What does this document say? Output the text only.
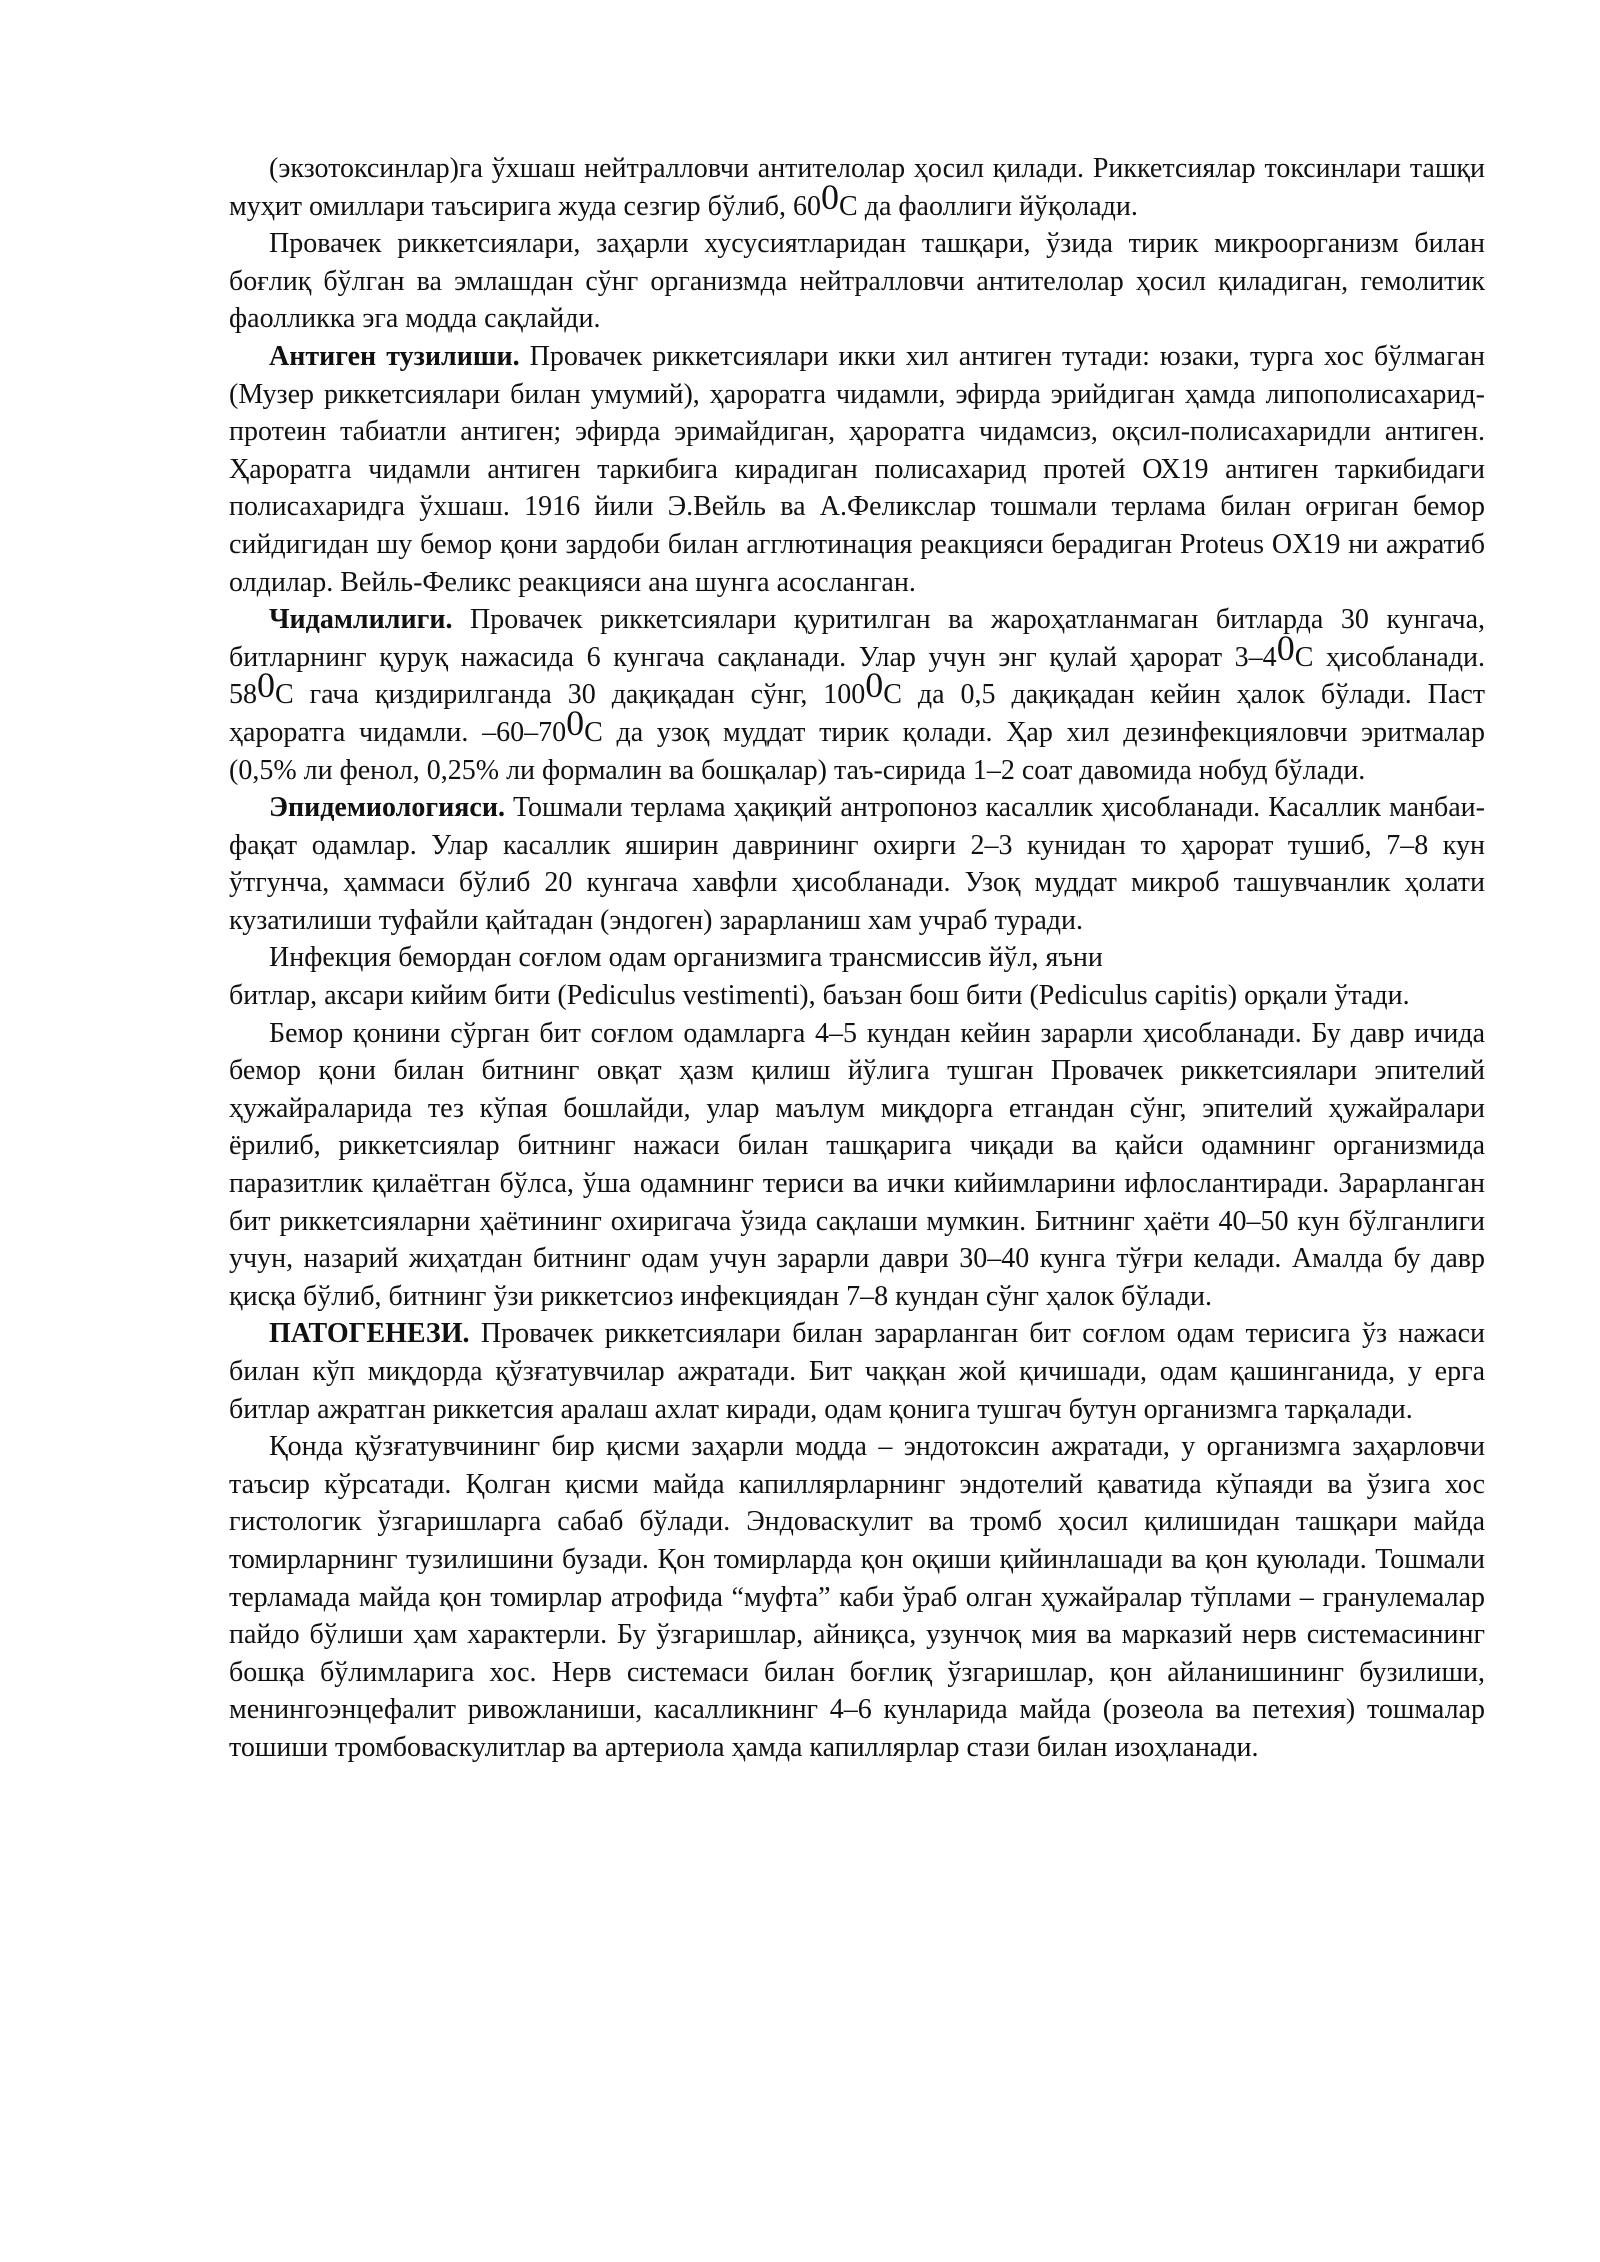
(экзотоксинлар)га ўхшаш нейтралловчи антителолар ҳосил қилади. Риккетсиялар токсинлари ташқи муҳит омиллари таъсирига жуда сезгир бўлиб, 600С да фаоллиги йўқолади.

Провачек риккетсиялари, заҳарли хусусиятларидан ташқари, ўзида тирик микроорганизм билан боғлиқ бўлган ва эмлашдан сўнг организмда нейтралловчи антителолар ҳосил қиладиган, гемолитик фаолликка эга модда сақлайди.

Антиген тузилиши. Провачек риккетсиялари икки хил антиген тутади: юзаки, турга хос бўлмаган (Музер риккетсиялари билан умумий), ҳароратга чидамли, эфирда эрийдиган ҳамда липополисахарид-протеин табиатли антиген; эфирда эримайдиган, ҳароратга чидамсиз, оқсил-полисахаридли антиген. Ҳароратга чидамли антиген таркибига кирадиган полисахарид протей ОХ19 антиген таркибидаги полисахаридга ўхшаш. 1916 йили Э.Вейль ва А.Феликслар тошмали терлама билан оғриган бемор сийдигидан шу бемор қони зардоби билан агглютинация реакцияси берадиган Proteus OX19 ни ажратиб олдилар. Вейль-Феликс реакцияси ана шунга асосланган.

Чидамлилиги. Провачек риккетсиялари қуритилган ва жароҳатланмаган битларда 30 кунгача, битларнинг қуруқ нажасида 6 кунгача сақланади. Улар учун энг қулай ҳарорат 3–40С ҳисобланади. 580С гача қиздирилганда 30 дақиқадан сўнг, 1000С да 0,5 дақиқадан кейин ҳалок бўлади. Паст ҳароратга чидамли. –60–700С да узоқ муддат тирик қолади. Ҳар хил дезинфекцияловчи эритмалар (0,5% ли фенол, 0,25% ли формалин ва бошқалар) таъ-сирида 1–2 соат давомида нобуд бўлади.

Эпидемиологияси. Тошмали терлама ҳақиқий антропоноз касаллик ҳисобланади. Касаллик манбаи-фақат одамлар. Улар касаллик яширин даврининг охирги 2–3 кунидан то ҳарорат тушиб, 7–8 кун ўтгунча, ҳаммаси бўлиб 20 кунгача хавфли ҳисобланади. Узоқ муддат микроб ташувчанлик ҳолати кузатилиши туфайли қайтадан (эндоген) зарарланиш хам учраб туради.

Инфекция бемордан соғлом одам организмига трансмиссив йўл, яъни

битлар, аксари кийим бити (Pediculus vestimenti), баъзан бош бити (Pediculus capitis) орқали ўтади.

Бемор қонини сўрган бит соғлом одамларга 4–5 кундан кейин зарарли ҳисобланади. Бу давр ичида бемор қони билан битнинг овқат ҳазм қилиш йўлига тушган Провачек риккетсиялари эпителий ҳужайраларида тез кўпая бошлайди, улар маълум миқдорга етгандан сўнг, эпителий ҳужайралари ёрилиб, риккетсиялар битнинг нажаси билан ташқарига чиқади ва қайси одамнинг организмида паразитлик қилаётган бўлса, ўша одамнинг териси ва ички кийимларини ифлослантиради. Зарарланган бит риккетсияларни ҳаётининг охиригача ўзида сақлаши мумкин. Битнинг ҳаёти 40–50 кун бўлганлиги учун, назарий жиҳатдан битнинг одам учун зарарли даври 30–40 кунга тўғри келади. Амалда бу давр қисқа бўлиб, битнинг ўзи риккетсиоз инфекциядан 7–8 кундан сўнг ҳалок бўлади.

ПАТОГЕНЕЗИ. Провачек риккетсиялари билан зарарланган бит соғлом одам терисига ўз нажаси билан кўп миқдорда қўзғатувчилар ажратади. Бит чаққан жой қичишади, одам қашинганида, у ерга битлар ажратган риккетсия аралаш ахлат киради, одам қонига тушгач бутун организмга тарқалади.

Қонда қўзғатувчининг бир қисми заҳарли модда – эндотоксин ажратади, у организмга заҳарловчи таъсир кўрсатади. Қолган қисми майда капиллярларнинг эндотелий қаватида кўпаяди ва ўзига хос гистологик ўзгаришларга сабаб бўлади. Эндоваскулит ва тромб ҳосил қилишидан ташқари майда томирларнинг тузилишини бузади. Қон томирларда қон оқиши қийинлашади ва қон қуюлади. Тошмали терламада майда қон томирлар атрофида “муфта” каби ўраб олган ҳужайралар тўплами – гранулемалар пайдо бўлиши ҳам характерли. Бу ўзгаришлар, айниқса, узунчоқ мия ва марказий нерв системасининг бошқа бўлимларига хос. Нерв системаси билан боғлиқ ўзгаришлар, қон айланишининг бузилиши, менингоэнцефалит ривожланиши, касалликнинг 4–6 кунларида майда (розеола ва петехия) тошмалар тошиши тромбоваскулитлар ва артериола ҳамда капиллярлар стази билан изоҳланади.
